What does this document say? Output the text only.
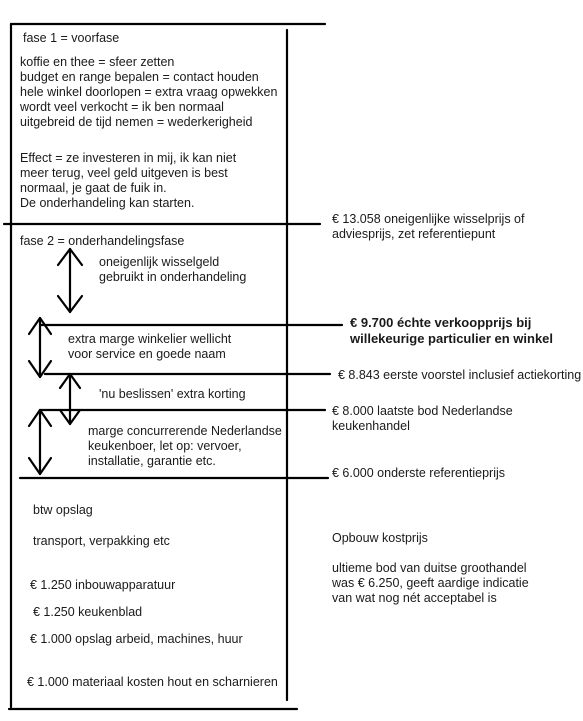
fase 1 = voorfase
koffie en thee = sfeer zetten
budget en range bepalen = contact houden
hele winkel doorlopen = extra vraag opwekken
wordt veel verkocht = ik ben normaal
uitgebreid de tijd nemen = wederkerigheid
Effect = ze investeren in mij, ik kan niet
meer terug, veel geld uitgeven is best
normaal, je gaat de fuik in.
De onderhandeling kan starten.
fase 2 = onderhandelingsfase
oneigenlijk wisselgeld
gebruikt in onderhandeling
extra marge winkelier wellicht
voor service en goede naam
'nu beslissen' extra korting
marge concurrerende Nederlandse
keukenboer, let op: vervoer,
installatie, garantie etc.
€ 13.058 oneigenlijke wisselprijs of
adviesprijs, zet referentiepunt
€ 9.700 échte verkoopprijs bij
willekeurige particulier en winkel
€ 8.843 eerste voorstel inclusief actiekorting
€ 8.000 laatste bod Nederlandse
keukenhandel
€ 6.000 onderste referentieprijs
btw opslag
transport, verpakking etc
€ 1.250 inbouwapparatuur
€ 1.250 keukenblad
€ 1.000 opslag arbeid, machines, huur
€ 1.000 materiaal kosten hout en scharnieren
Opbouw kostprijs
ultieme bod van duitse groothandel
was € 6.250, geeft aardige indicatie
van wat nog nét acceptabel is
